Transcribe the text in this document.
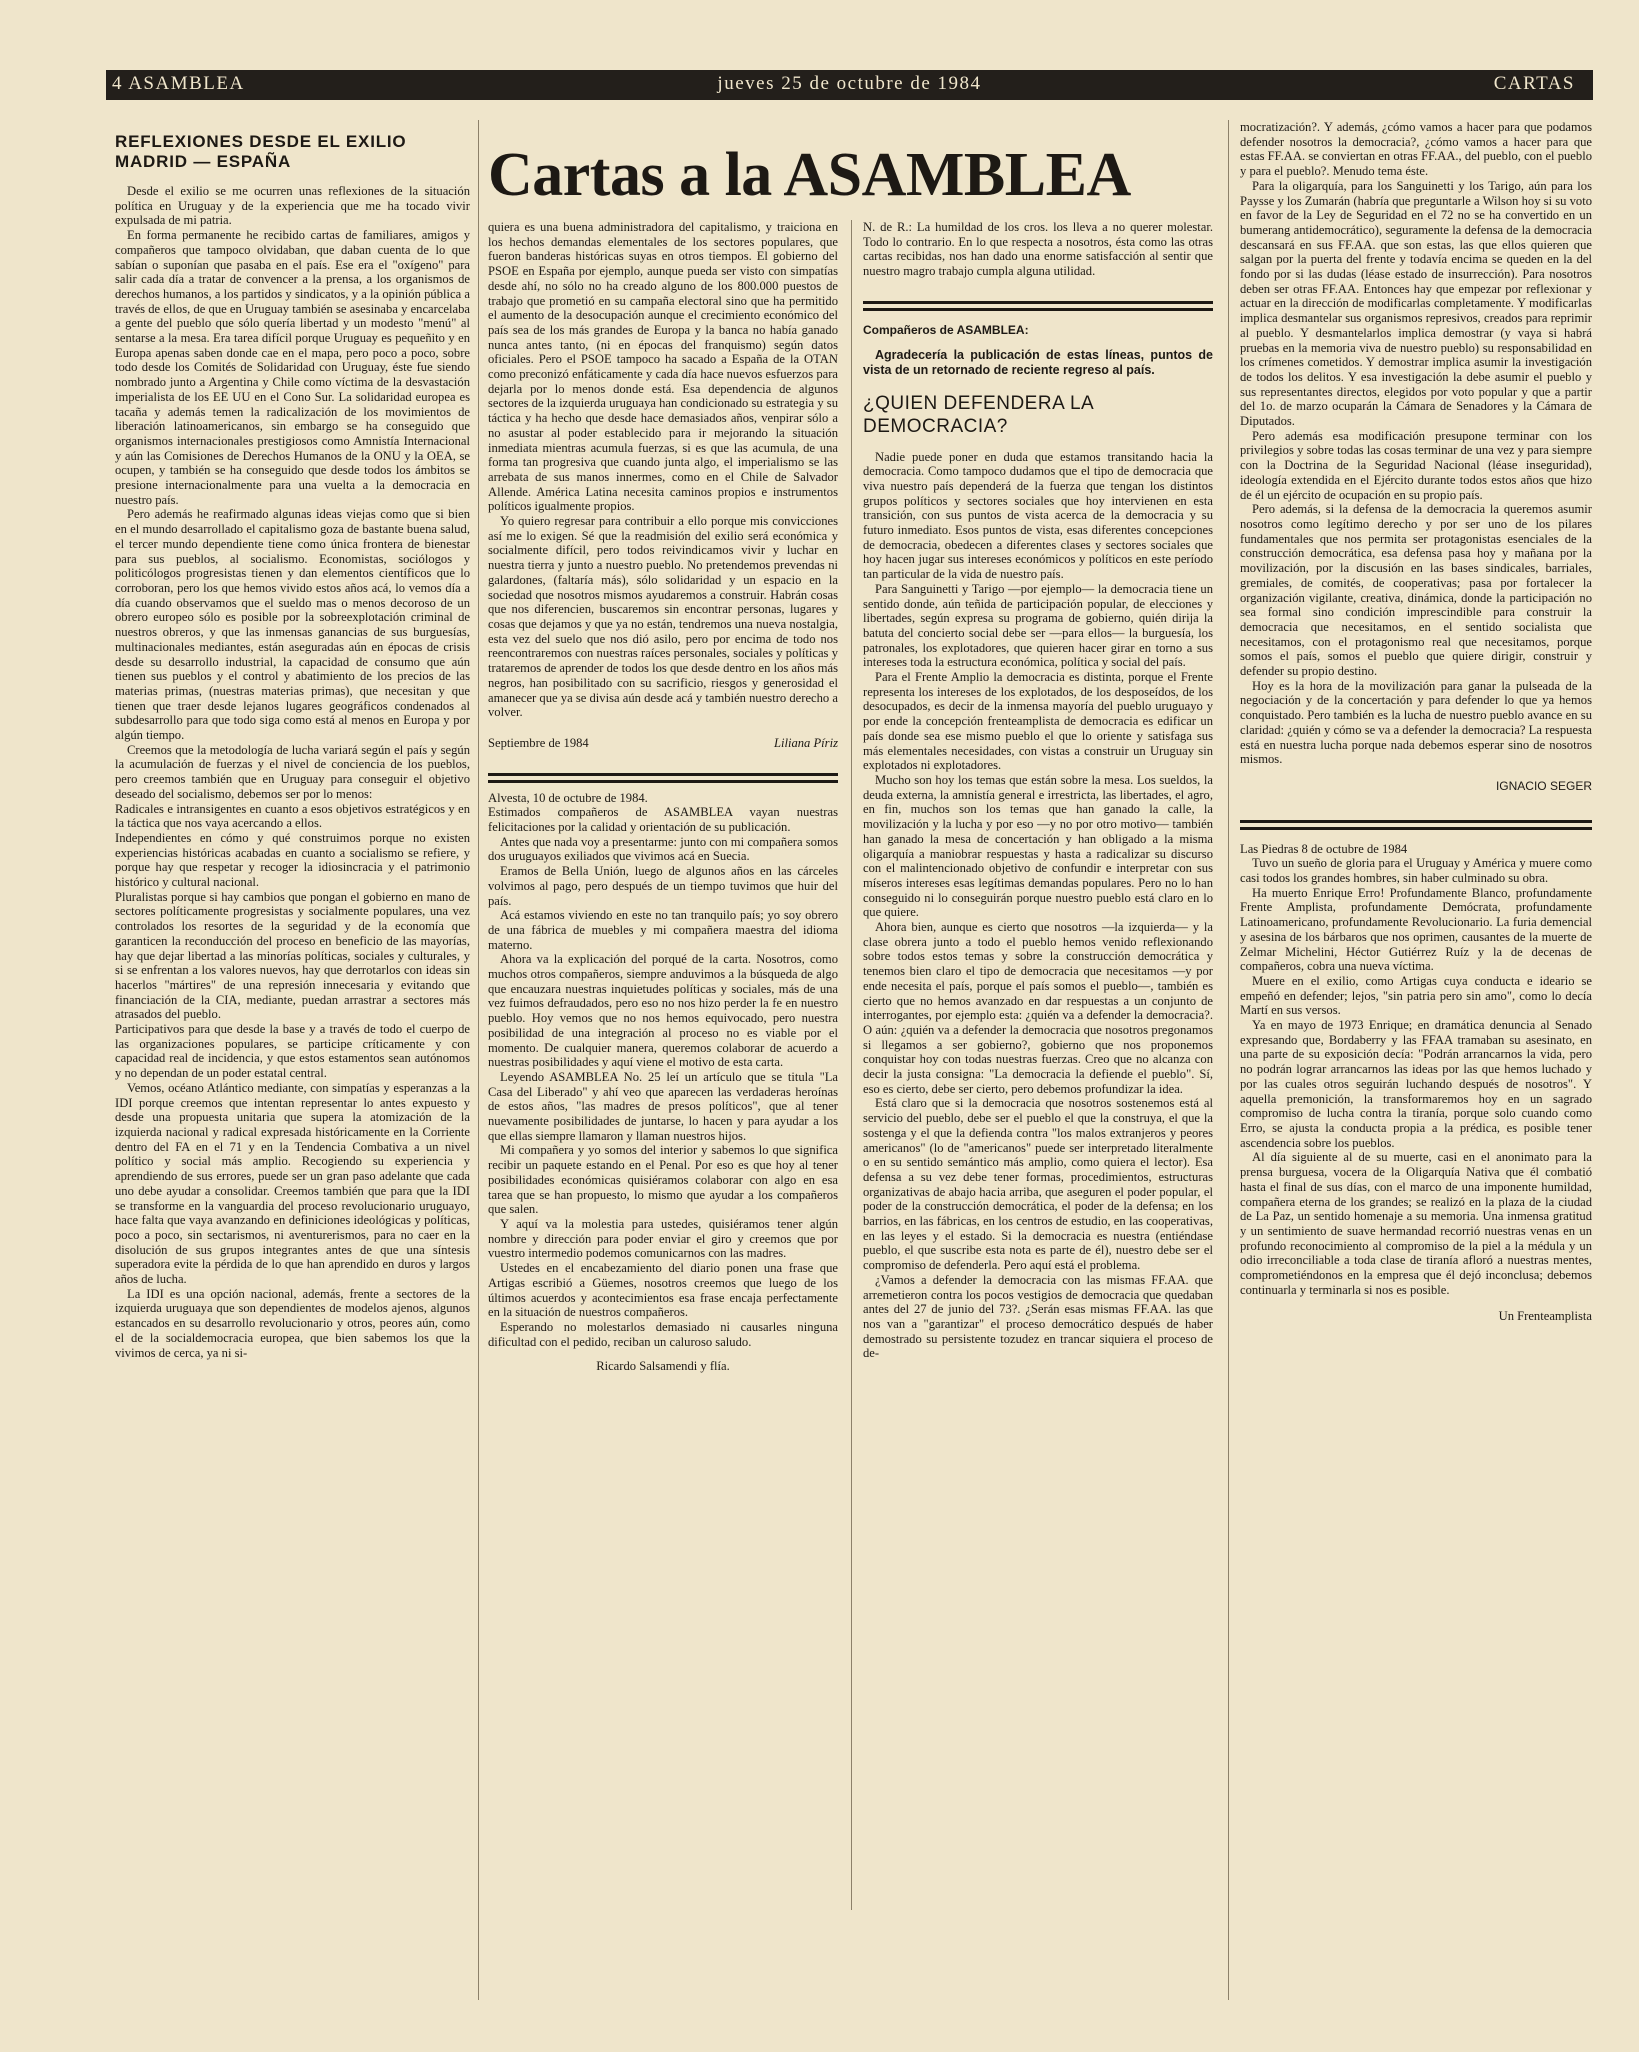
4 ASAMBLEA	jueves 25 de octubre de 1984	CARTAS
Cartas a la ASAMBLEA
REFLEXIONES DESDE EL EXILIO
MADRID — ESPAÑA

Desde el exilio se me ocurren unas reflexiones de la situación política en Uruguay y de la experiencia que me ha tocado vivir expulsada de mi patria.

En forma permanente he recibido cartas de familiares, amigos y compañeros que tampoco olvidaban, que daban cuenta de lo que sabían o suponían que pasaba en el país. Ese era el "oxígeno" para salir cada día a tratar de convencer a la prensa, a los organismos de derechos humanos, a los partidos y sindicatos, y a la opinión pública a través de ellos, de que en Uruguay también se asesinaba y encarcelaba a gente del pueblo que sólo quería libertad y un modesto "menú" al sentarse a la mesa. Era tarea difícil porque Uruguay es pequeñito y en Europa apenas saben donde cae en el mapa, pero poco a poco, sobre todo desde los Comités de Solidaridad con Uruguay, éste fue siendo nombrado junto a Argentina y Chile como víctima de la desvastación imperialista de los EE UU en el Cono Sur. La solidaridad europea es tacaña y además temen la radicalización de los movimientos de liberación latinoamericanos, sin embargo se ha conseguido que organismos internacionales prestigiosos como Amnistía Internacional y aún las Comisiones de Derechos Humanos de la ONU y la OEA, se ocupen, y también se ha conseguido que desde todos los ámbitos se presione internacionalmente para una vuelta a la democracia en nuestro país.

Pero además he reafirmado algunas ideas viejas como que si bien en el mundo desarrollado el capitalismo goza de bastante buena salud, el tercer mundo dependiente tiene como única frontera de bienestar para sus pueblos, al socialismo. Economistas, sociólogos y politicólogos progresistas tienen y dan elementos científicos que lo corroboran, pero los que hemos vivido estos años acá, lo vemos día a día cuando observamos que el sueldo mas o menos decoroso de un obrero europeo sólo es posible por la sobreexplotación criminal de nuestros obreros, y que las inmensas ganancias de sus burguesías, multinacionales mediantes, están aseguradas aún en épocas de crisis desde su desarrollo industrial, la capacidad de consumo que aún tienen sus pueblos y el control y abatimiento de los precios de las materias primas, (nuestras materias primas), que necesitan y que tienen que traer desde lejanos lugares geográficos condenados al subdesarrollo para que todo siga como está al menos en Europa y por algún tiempo.

Creemos que la metodología de lucha variará según el país y según la acumulación de fuerzas y el nivel de conciencia de los pueblos, pero creemos también que en Uruguay para conseguir el objetivo deseado del socialismo, debemos ser por lo menos:

Radicales e intransigentes en cuanto a esos objetivos estratégicos y en la táctica que nos vaya acercando a ellos.

Independientes en cómo y qué construimos porque no existen experiencias históricas acabadas en cuanto a socialismo se refiere, y porque hay que respetar y recoger la idiosincracia y el patrimonio histórico y cultural nacional.

Pluralistas porque si hay cambios que pongan el gobierno en mano de sectores políticamente progresistas y socialmente populares, una vez controlados los resortes de la seguridad y de la economía que garanticen la reconducción del proceso en beneficio de las mayorías, hay que dejar libertad a las minorías políticas, sociales y culturales, y si se enfrentan a los valores nuevos, hay que derrotarlos con ideas sin hacerlos "mártires" de una represión innecesaria y evitando que financiación de la CIA, mediante, puedan arrastrar a sectores más atrasados del pueblo.

Participativos para que desde la base y a través de todo el cuerpo de las organizaciones populares, se participe críticamente y con capacidad real de incidencia, y que estos estamentos sean autónomos y no dependan de un poder estatal central.

Vemos, océano Atlántico mediante, con simpatías y esperanzas a la IDI porque creemos que intentan representar lo antes expuesto y desde una propuesta unitaria que supera la atomización de la izquierda nacional y radical expresada históricamente en la Corriente dentro del FA en el 71 y en la Tendencia Combativa a un nivel político y social más amplio. Recogiendo su experiencia y aprendiendo de sus errores, puede ser un gran paso adelante que cada uno debe ayudar a consolidar. Creemos también que para que la IDI se transforme en la vanguardia del proceso revolucionario uruguayo, hace falta que vaya avanzando en definiciones ideológicas y políticas, poco a poco, sin sectarismos, ni aventurerismos, para no caer en la disolución de sus grupos integrantes antes de que una síntesis superadora evite la pérdida de lo que han aprendido en duros y largos años de lucha.

La IDI es una opción nacional, además, frente a sectores de la izquierda uruguaya que son dependientes de modelos ajenos, algunos estancados en su desarrollo revolucionario y otros, peores aún, como el de la socialdemocracia europea, que bien sabemos los que la vivimos de cerca, ya ni si-

quiera es una buena administradora del capitalismo, y traiciona en los hechos demandas elementales de los sectores populares, que fueron banderas históricas suyas en otros tiempos. El gobierno del PSOE en España por ejemplo, aunque pueda ser visto con simpatías desde ahí, no sólo no ha creado alguno de los 800.000 puestos de trabajo que prometió en su campaña electoral sino que ha permitido el aumento de la desocupación aunque el crecimiento económico del país sea de los más grandes de Europa y la banca no había ganado nunca antes tanto, (ni en épocas del franquismo) según datos oficiales. Pero el PSOE tampoco ha sacado a España de la OTAN como preconizó enfáticamente y cada día hace nuevos esfuerzos para dejarla por lo menos donde está. Esa dependencia de algunos sectores de la izquierda uruguaya han condicionado su estrategia y su táctica y ha hecho que desde hace demasiados años, venpirar sólo a no asustar al poder establecido para ir mejorando la situación inmediata mientras acumula fuerzas, si es que las acumula, de una forma tan progresiva que cuando junta algo, el imperialismo se las arrebata de sus manos innermes, como en el Chile de Salvador Allende. América Latina necesita caminos propios e instrumentos políticos igualmente propios.

Yo quiero regresar para contribuir a ello porque mis convicciones así me lo exigen. Sé que la readmisión del exilio será económica y socialmente difícil, pero todos reivindicamos vivir y luchar en nuestra tierra y junto a nuestro pueblo. No pretendemos prevendas ni galardones, (faltaría más), sólo solidaridad y un espacio en la sociedad que nosotros mismos ayudaremos a construir. Habrán cosas que nos diferencien, buscaremos sin encontrar personas, lugares y cosas que dejamos y que ya no están, tendremos una nueva nostalgia, esta vez del suelo que nos dió asilo, pero por encima de todo nos reencontraremos con nuestras raíces personales, sociales y políticas y trataremos de aprender de todos los que desde dentro en los años más negros, han posibilitado con su sacrificio, riesgos y generosidad el amanecer que ya se divisa aún desde acá y también nuestro derecho a volver.

Septiembre de 1984	Liliana Píriz

Alvesta, 10 de octubre de 1984.

Estimados compañeros de ASAMBLEA vayan nuestras felicitaciones por la calidad y orientación de su publicación.

Antes que nada voy a presentarme: junto con mi compañera somos dos uruguayos exiliados que vivimos acá en Suecia.

Eramos de Bella Unión, luego de algunos años en las cárceles volvimos al pago, pero después de un tiempo tuvimos que huir del país.

Acá estamos viviendo en este no tan tranquilo país; yo soy obrero de una fábrica de muebles y mi compañera maestra del idioma materno.

Ahora va la explicación del porqué de la carta. Nosotros, como muchos otros compañeros, siempre anduvimos a la búsqueda de algo que encauzara nuestras inquietudes políticas y sociales, más de una vez fuimos defraudados, pero eso no nos hizo perder la fe en nuestro pueblo. Hoy vemos que no nos hemos equivocado, pero nuestra posibilidad de una integración al proceso no es viable por el momento. De cualquier manera, queremos colaborar de acuerdo a nuestras posibilidades y aquí viene el motivo de esta carta.

Leyendo ASAMBLEA No. 25 leí un artículo que se titula "La Casa del Liberado" y ahí veo que aparecen las verdaderas heroínas de estos años, "las madres de presos políticos", que al tener nuevamente posibilidades de juntarse, lo hacen y para ayudar a los que ellas siempre llamaron y llaman nuestros hijos.

Mi compañera y yo somos del interior y sabemos lo que significa recibir un paquete estando en el Penal. Por eso es que hoy al tener posibilidades económicas quisiéramos colaborar con algo en esa tarea que se han propuesto, lo mismo que ayudar a los compañeros que salen.

Y aquí va la molestia para ustedes, quisiéramos tener algún nombre y dirección para poder enviar el giro y creemos que por vuestro intermedio podemos comunicarnos con las madres.

Ustedes en el encabezamiento del diario ponen una frase que Artigas escribió a Güemes, nosotros creemos que luego de los últimos acuerdos y acontecimientos esa frase encaja perfectamente en la situación de nuestros compañeros.

Esperando no molestarlos demasiado ni causarles ninguna dificultad con el pedido, reciban un caluroso saludo.

Ricardo Salsamendi y flía.

N. de R.: La humildad de los cros. los lleva a no querer molestar. Todo lo contrario. En lo que respecta a nosotros, ésta como las otras cartas recibidas, nos han dado una enorme satisfacción al sentir que nuestro magro trabajo cumpla alguna utilidad.

Compañeros de ASAMBLEA:

Agradecería la publicación de estas líneas, puntos de vista de un retornado de reciente regreso al país.

¿QUIEN DEFENDERA LA
DEMOCRACIA?

Nadie puede poner en duda que estamos transitando hacia la democracia. Como tampoco dudamos que el tipo de democracia que viva nuestro país dependerá de la fuerza que tengan los distintos grupos políticos y sectores sociales que hoy intervienen en esta transición, con sus puntos de vista acerca de la democracia y su futuro inmediato. Esos puntos de vista, esas diferentes concepciones de democracia, obedecen a diferentes clases y sectores sociales que hoy hacen jugar sus intereses económicos y políticos en este período tan particular de la vida de nuestro país.

Para Sanguinetti y Tarigo —por ejemplo— la democracia tiene un sentido donde, aún teñida de participación popular, de elecciones y libertades, según expresa su programa de gobierno, quién dirija la batuta del concierto social debe ser —para ellos— la burguesía, los patronales, los explotadores, que quieren hacer girar en torno a sus intereses toda la estructura económica, política y social del país.

Para el Frente Amplio la democracia es distinta, porque el Frente representa los intereses de los explotados, de los desposeídos, de los desocupados, es decir de la inmensa mayoría del pueblo uruguayo y por ende la concepción frenteamplista de democracia es edificar un país donde sea ese mismo pueblo el que lo oriente y satisfaga sus más elementales necesidades, con vistas a construir un Uruguay sin explotados ni explotadores.

Mucho son hoy los temas que están sobre la mesa. Los sueldos, la deuda externa, la amnistía general e irrestricta, las libertades, el agro, en fin, muchos son los temas que han ganado la calle, la movilización y la lucha y por eso —y no por otro motivo— también han ganado la mesa de concertación y han obligado a la misma oligarquía a maniobrar respuestas y hasta a radicalizar su discurso con el malintencionado objetivo de confundir e interpretar con sus míseros intereses esas legítimas demandas populares. Pero no lo han conseguido ni lo conseguirán porque nuestro pueblo está claro en lo que quiere.

Ahora bien, aunque es cierto que nosotros —la izquierda— y la clase obrera junto a todo el pueblo hemos venido reflexionando sobre todos estos temas y sobre la construcción democrática y tenemos bien claro el tipo de democracia que necesitamos —y por ende necesita el país, porque el país somos el pueblo—, también es cierto que no hemos avanzado en dar respuestas a un conjunto de interrogantes, por ejemplo esta: ¿quién va a defender la democracia?. O aún: ¿quién va a defender la democracia que nosotros pregonamos si llegamos a ser gobierno?, gobierno que nos proponemos conquistar hoy con todas nuestras fuerzas. Creo que no alcanza con decir la justa consigna: "La democracia la defiende el pueblo". Sí, eso es cierto, debe ser cierto, pero debemos profundizar la idea.

Está claro que si la democracia que nosotros sostenemos está al servicio del pueblo, debe ser el pueblo el que la construya, el que la sostenga y el que la defienda contra "los malos extranjeros y peores americanos" (lo de "americanos" puede ser interpretado literalmente o en su sentido semántico más amplio, como quiera el lector). Esa defensa a su vez debe tener formas, procedimientos, estructuras organizativas de abajo hacia arriba, que aseguren el poder popular, el poder de la construcción democrática, el poder de la defensa; en los barrios, en las fábricas, en los centros de estudio, en las cooperativas, en las leyes y el estado. Si la democracia es nuestra (entiéndase pueblo, el que suscribe esta nota es parte de él), nuestro debe ser el compromiso de defenderla. Pero aquí está el problema.

¿Vamos a defender la democracia con las mismas FF.AA. que arremetieron contra los pocos vestigios de democracia que quedaban antes del 27 de junio del 73?. ¿Serán esas mismas FF.AA. las que nos van a "garantizar" el proceso democrático después de haber demostrado su persistente tozudez en trancar siquiera el proceso de de-

mocratización?. Y además, ¿cómo vamos a hacer para que podamos defender nosotros la democracia?, ¿cómo vamos a hacer para que estas FF.AA. se conviertan en otras FF.AA., del pueblo, con el pueblo y para el pueblo?. Menudo tema éste.

Para la oligarquía, para los Sanguinetti y los Tarigo, aún para los Paysse y los Zumarán (habría que preguntarle a Wilson hoy si su voto en favor de la Ley de Seguridad en el 72 no se ha convertido en un bumerang antidemocrático), seguramente la defensa de la democracia descansará en sus FF.AA. que son estas, las que ellos quieren que salgan por la puerta del frente y todavía encima se queden en la del fondo por si las dudas (léase estado de insurrección). Para nosotros deben ser otras FF.AA. Entonces hay que empezar por reflexionar y actuar en la dirección de modificarlas completamente. Y modificarlas implica desmantelar sus organismos represivos, creados para reprimir al pueblo. Y desmantelarlos implica demostrar (y vaya si habrá pruebas en la memoria viva de nuestro pueblo) su responsabilidad en los crímenes cometidos. Y demostrar implica asumir la investigación de todos los delitos. Y esa investigación la debe asumir el pueblo y sus representantes directos, elegidos por voto popular y que a partir del 1o. de marzo ocuparán la Cámara de Senadores y la Cámara de Diputados.

Pero además esa modificación presupone terminar con los privilegios y sobre todas las cosas terminar de una vez y para siempre con la Doctrina de la Seguridad Nacional (léase inseguridad), ideología extendida en el Ejército durante todos estos años que hizo de él un ejército de ocupación en su propio país.

Pero además, si la defensa de la democracia la queremos asumir nosotros como legítimo derecho y por ser uno de los pilares fundamentales que nos permita ser protagonistas esenciales de la construcción democrática, esa defensa pasa hoy y mañana por la movilización, por la discusión en las bases sindicales, barriales, gremiales, de comités, de cooperativas; pasa por fortalecer la organización vigilante, creativa, dinámica, donde la participación no sea formal sino condición imprescindible para construir la democracia que necesitamos, en el sentido socialista que necesitamos, con el protagonismo real que necesitamos, porque somos el país, somos el pueblo que quiere dirigir, construir y defender su propio destino.

Hoy es la hora de la movilización para ganar la pulseada de la negociación y de la concertación y para defender lo que ya hemos conquistado. Pero también es la lucha de nuestro pueblo avance en su claridad: ¿quién y cómo se va a defender la democracia? La respuesta está en nuestra lucha porque nada debemos esperar sino de nosotros mismos.

IGNACIO SEGER

Las Piedras 8 de octubre de 1984

Tuvo un sueño de gloria para el Uruguay y América y muere como casi todos los grandes hombres, sin haber culminado su obra.

Ha muerto Enrique Erro! Profundamente Blanco, profundamente Frente Amplista, profundamente Demócrata, profundamente Latinoamericano, profundamente Revolucionario. La furia demencial y asesina de los bárbaros que nos oprimen, causantes de la muerte de Zelmar Michelini, Héctor Gutiérrez Ruíz y la de decenas de compañeros, cobra una nueva víctima.

Muere en el exilio, como Artigas cuya conducta e ideario se empeñó en defender; lejos, "sin patria pero sin amo", como lo decía Martí en sus versos.

Ya en mayo de 1973 Enrique; en dramática denuncia al Senado expresando que, Bordaberry y las FFAA tramaban su asesinato, en una parte de su exposición decía: "Podrán arrancarnos la vida, pero no podrán lograr arrancarnos las ideas por las que hemos luchado y por las cuales otros seguirán luchando después de nosotros". Y aquella premonición, la transformaremos hoy en un sagrado compromiso de lucha contra la tiranía, porque solo cuando como Erro, se ajusta la conducta propia a la prédica, es posible tener ascendencia sobre los pueblos.

Al día siguiente al de su muerte, casi en el anonimato para la prensa burguesa, vocera de la Oligarquía Nativa que él combatió hasta el final de sus días, con el marco de una imponente humildad, compañera eterna de los grandes; se realizó en la plaza de la ciudad de La Paz, un sentido homenaje a su memoria. Una inmensa gratitud y un sentimiento de suave hermandad recorrió nuestras venas en un profundo reconocimiento al compromiso de la piel a la médula y un odio irreconciliable a toda clase de tiranía afloró a nuestras mentes, comprometiéndonos en la empresa que él dejó inconclusa; debemos continuarla y terminarla si nos es posible.

Un Frenteamplista
